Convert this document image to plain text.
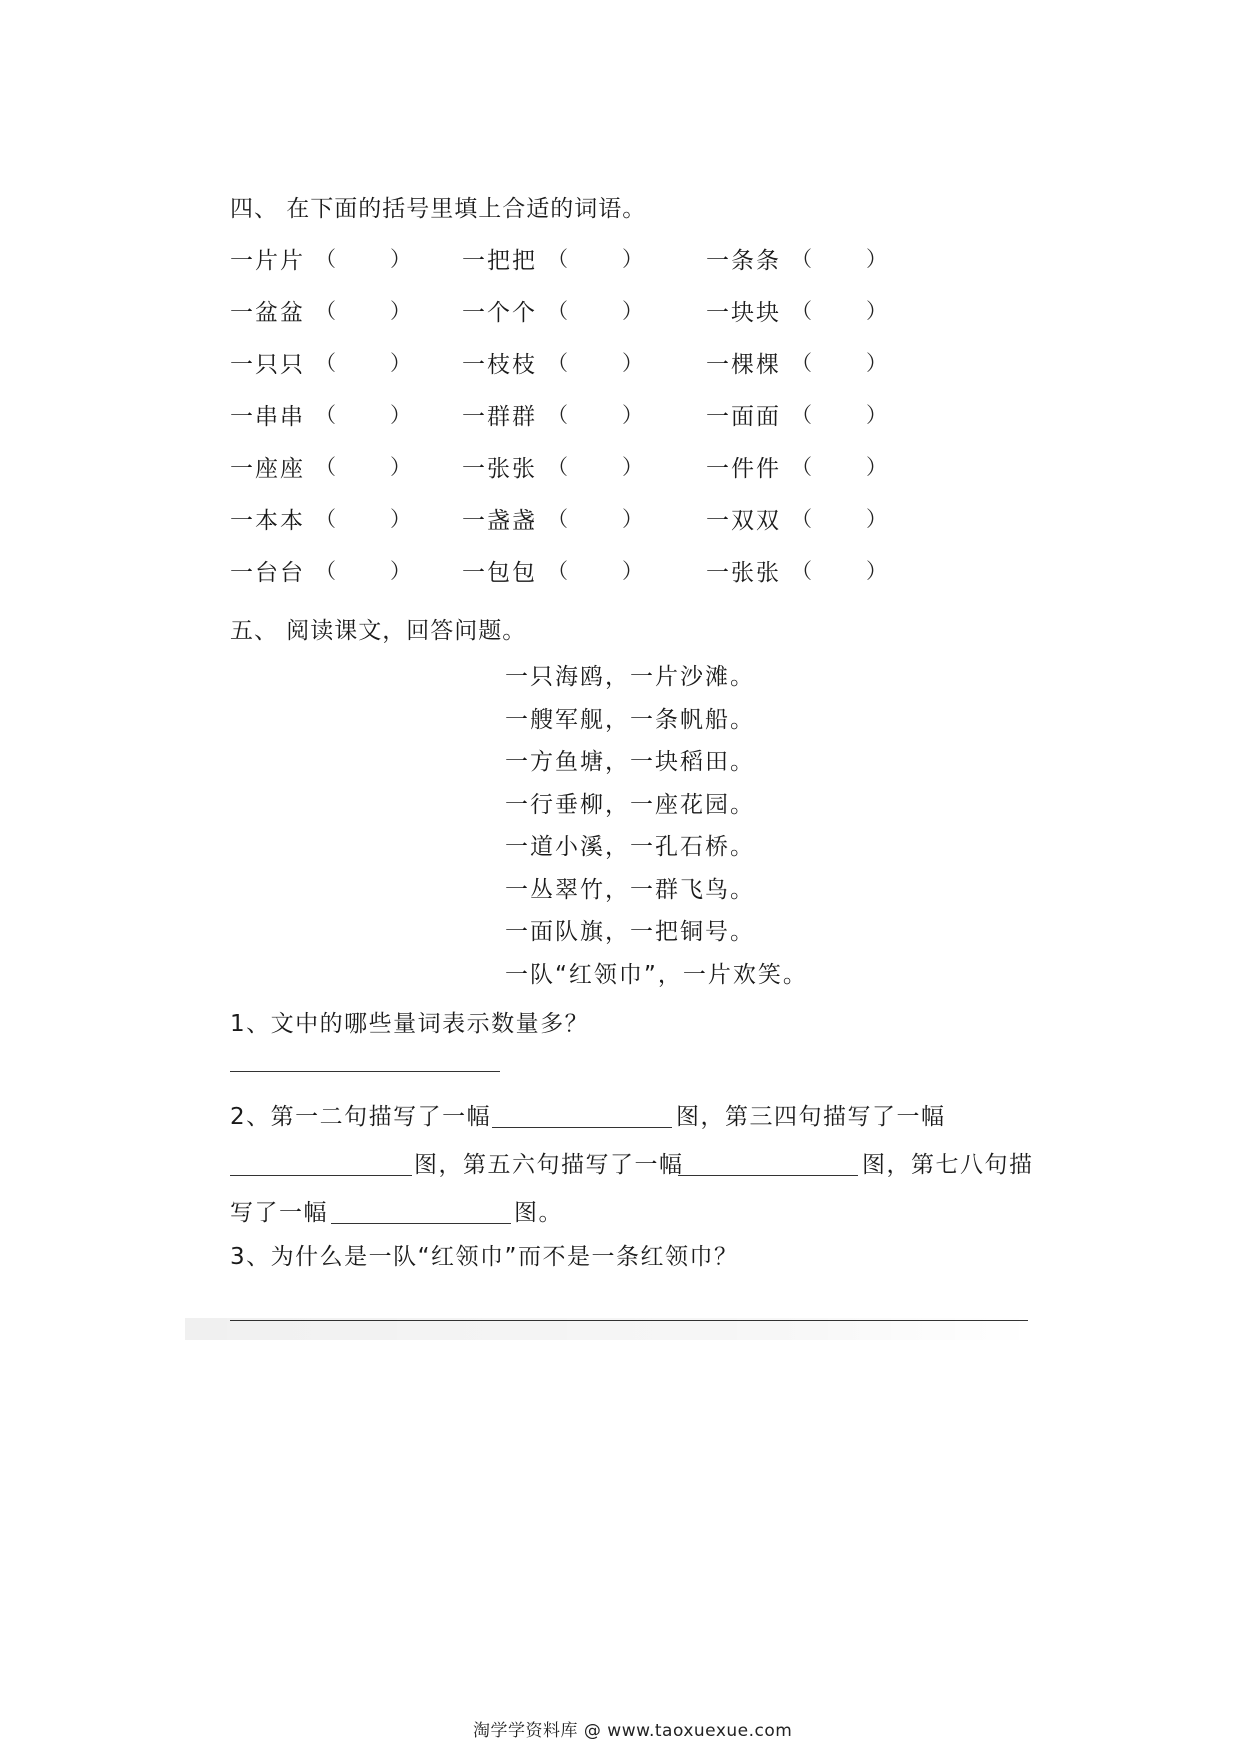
四、 在下面的括号里填上合适的词语。
一片片 （	） 一把把 （	）	一条条 （	）
一盆盆 （	） 一个个 （	）	一块块 （	）
一只只 （	） 一枝枝 （	）	一棵棵 （	）
一串串 （	） 一群群 （	）	一面面 （	）
一座座 （	） 一张张 （	）	一件件 （	）
一本本 （	） 一盏盏 （	）	一双双 （	）
一台台 （	） 一包包 （	）	一张张 （	）
五、 阅读课文，回答问题。
一只海鸥，一片沙滩。
一艘军舰，一条帆船。
一方鱼塘，一块稻田。
一行垂柳，一座花园。
一道小溪，一孔石桥。
一丛翠竹，一群飞鸟。
一面队旗，一把铜号。
一队“红领巾”，一片欢笑。
1、文中的哪些量词表示数量多？
2、第一二句描写了一幅	图，第三四句描写了一幅
图，第五六句描写了一幅	图，第七八句描
写了一幅	图。
3、为什么是一队“红领巾”而不是一条红领巾？
淘学学资料库 @ www.taoxuexue.com
